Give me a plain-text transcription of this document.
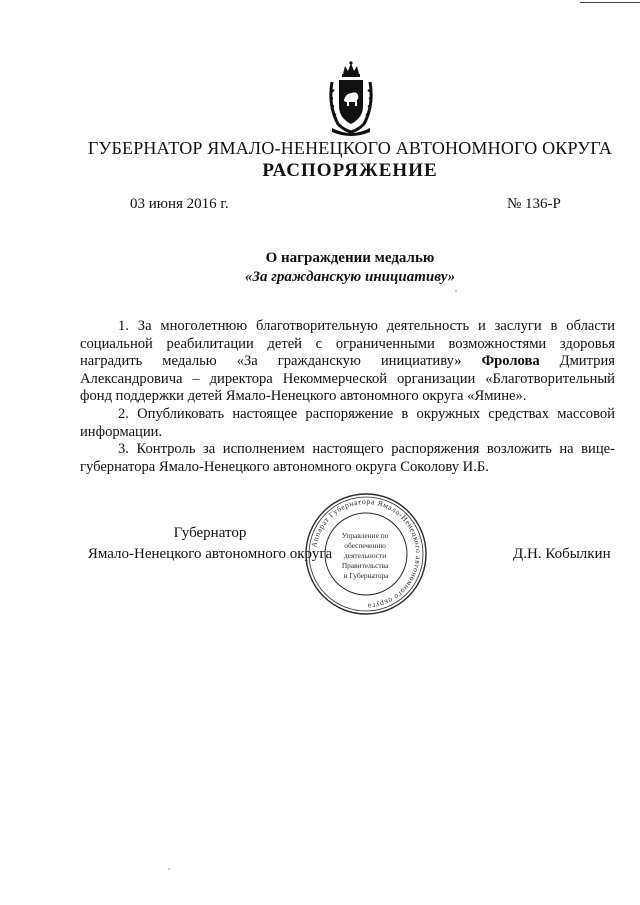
ГУБЕРНАТОР ЯМАЛО-НЕНЕЦКОГО АВТОНОМНОГО ОКРУГА
РАСПОРЯЖЕНИЕ
03 июня 2016 г.	№ 136-Р
О награждении медалью
«За гражданскую инициативу»

1. За многолетнюю благотворительную деятельность и заслуги в области социальной реабилитации детей с ограниченными возможностями здоровья наградить медалью «За гражданскую инициативу» Фролова Дмитрия Александровича – директора Некоммерческой организации «Благотворительный фонд поддержки детей Ямало-Ненецкого автономного округа «Ямине».

2. Опубликовать настоящее распоряжение в окружных средствах массовой информации.

3. Контроль за исполнением настоящего распоряжения возложить на вице-губернатора Ямало-Ненецкого автономного округа Соколову И.Б.

Губернатор
Ямало-Ненецкого автономного округа	Д.Н. Кобылкин
Аппарат Губернатора Ямало-Ненецкого автономного округа
Управление по обеспечению деятельности Правительства и Губернатора
